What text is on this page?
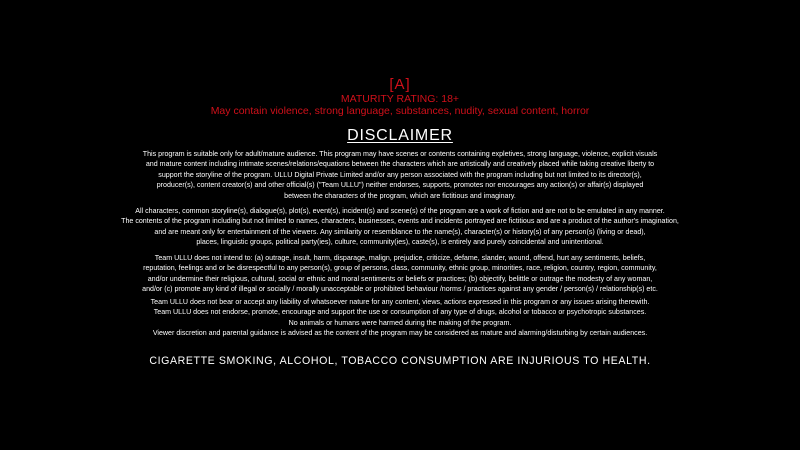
[A]
MATURITY RATING: 18+
May contain violence, strong language, substances, nudity, sexual content, horror
DISCLAIMER
This program is suitable only for adult/mature audience. This program may have scenes or contents containing expletives, strong language, violence, explicit visuals
and mature content including intimate scenes/relations/equations between the characters which are artistically and creatively placed while taking creative liberty to
support the storyline of the program. ULLU Digital Private Limited and/or any person associated with the program including but not limited to its director(s),
producer(s), content creator(s) and other official(s) ("Team ULLU") neither endorses, supports, promotes nor encourages any action(s) or affair(s) displayed
between the characters of the program, which are fictitious and imaginary.
All characters, common storyline(s), dialogue(s), plot(s), event(s), incident(s) and scene(s) of the program are a work of fiction and are not to be emulated in any manner.
The contents of the program including but not limited to names, characters, businesses, events and incidents portrayed are fictitious and are a product of the author's imagination,
and are meant only for entertainment of the viewers. Any similarity or resemblance to the name(s), character(s) or history(s) of any person(s) (living or dead),
places, linguistic groups, political party(ies), culture, community(ies), caste(s), is entirely and purely coincidental and unintentional.
Team ULLU does not intend to: (a) outrage, insult, harm, disparage, malign, prejudice, criticize, defame, slander, wound, offend, hurt any sentiments, beliefs,
reputation, feelings and or be disrespectful to any person(s), group of persons, class, community, ethnic group, minorities, race, religion, country, region, community,
and/or undermine their religious, cultural, social or ethnic and moral sentiments or beliefs or practices; (b) objectify, belittle or outrage the modesty of any woman,
and/or (c) promote any kind of illegal or socially / morally unacceptable or prohibited behaviour /norms / practices against any gender / person(s) / relationship(s) etc.
Team ULLU does not bear or accept any liability of whatsoever nature for any content, views, actions expressed in this program or any issues arising therewith.
Team ULLU does not endorse, promote, encourage and support the use or consumption of any type of drugs, alcohol or tobacco or psychotropic substances.
No animals or humans were harmed during the making of the program.
Viewer discretion and parental guidance is advised as the content of the program may be considered as mature and alarming/disturbing by certain audiences.
CIGARETTE SMOKING, ALCOHOL, TOBACCO CONSUMPTION ARE INJURIOUS TO HEALTH.
